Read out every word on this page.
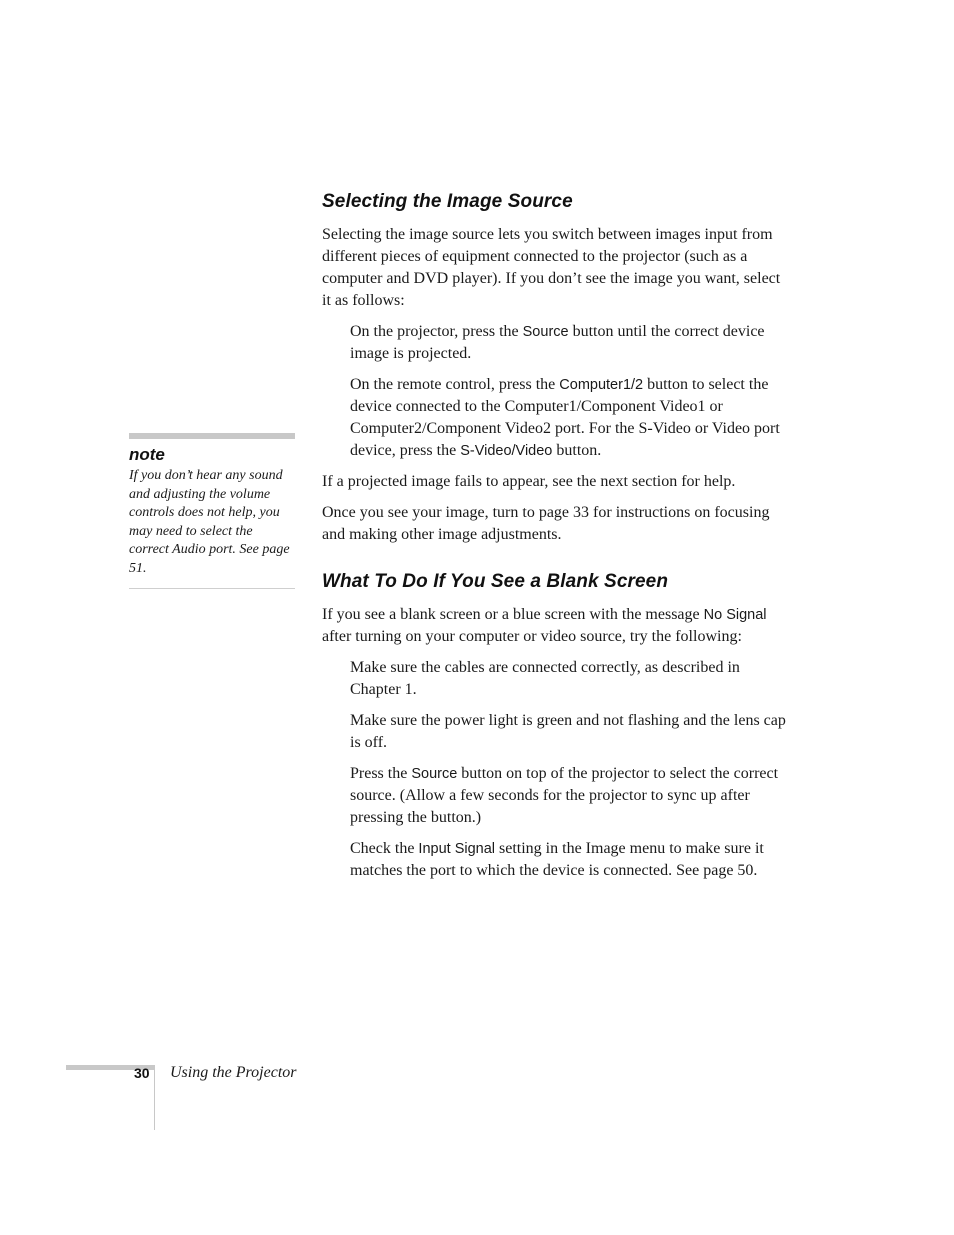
note
If you don’t hear any sound and adjusting the volume controls does not help, you may need to select the correct Audio port. See page 51.
Selecting the Image Source

Selecting the image source lets you switch between images input from different pieces of equipment connected to the projector (such as a computer and DVD player). If you don’t see the image you want, select it as follows:

On the projector, press the Source button until the correct device image is projected.

On the remote control, press the Computer1/2 button to select the device connected to the Computer1/Component Video1 or Computer2/Component Video2 port. For the S-Video or Video port device, press the S-Video/Video button.

If a projected image fails to appear, see the next section for help.

Once you see your image, turn to page 33 for instructions on focusing and making other image adjustments.

What To Do If You See a Blank Screen

If you see a blank screen or a blue screen with the message No Signal after turning on your computer or video source, try the following:

Make sure the cables are connected correctly, as described in Chapter 1.

Make sure the power light is green and not flashing and the lens cap is off.

Press the Source button on top of the projector to select the correct source. (Allow a few seconds for the projector to sync up after pressing the button.)

Check the Input Signal setting in the Image menu to make sure it matches the port to which the device is connected. See page 50.

30 Using the Projector
